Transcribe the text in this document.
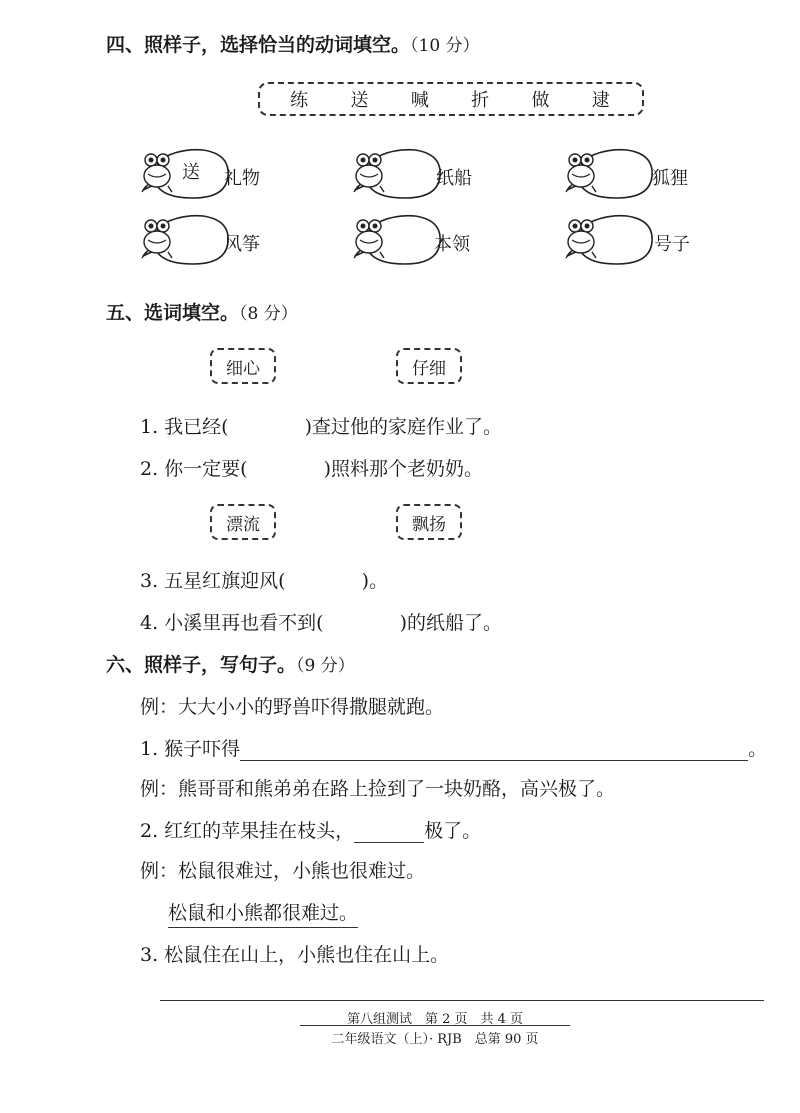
四、照样子，选择恰当的动词填空。（10 分）
练 送 喊 折 做 逮
送 礼物	纸船	狐狸
风筝	本领	号子
五、选词填空。（8 分）
细心	仔细
1. 我已经(	)查过他的家庭作业了。
2. 你一定要(	)照料那个老奶奶。
漂流	飘扬
3. 五星红旗迎风(	)。
4. 小溪里再也看不到(	)的纸船了。
六、照样子，写句子。（9 分）
例：大大小小的野兽吓得撒腿就跑。
1. 猴子吓得	。
例：熊哥哥和熊弟弟在路上捡到了一块奶酪，高兴极了。
2. 红红的苹果挂在枝头，	极了。
例：松鼠很难过，小熊也很难过。
松鼠和小熊都很难过。
3. 松鼠住在山上，小熊也住在山上。
第八组测试　第 2 页　共 4 页
二年级语文（上）· RJB　总第 90 页
